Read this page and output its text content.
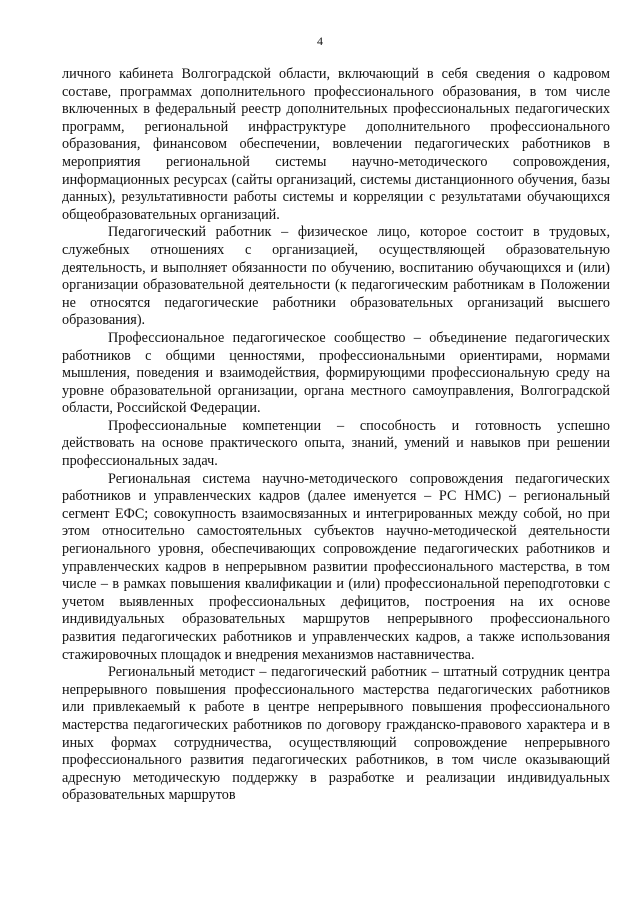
4

личного кабинета Волгоградской области, включающий в себя сведения о кадровом составе, программах дополнительного профессионального образования, в том числе включенных в федеральный реестр дополнительных профессиональных педагогических программ, региональной инфраструктуре дополнительного профессионального образования, финансовом обеспечении, вовлечении педагогических работников в мероприятия региональной системы научно-методического сопровождения, информационных ресурсах (сайты организаций, системы дистанционного обучения, базы данных), результативности работы системы и корреляции с результатами обучающихся общеобразовательных организаций.

Педагогический работник – физическое лицо, которое состоит в трудовых, служебных отношениях с организацией, осуществляющей образовательную деятельность, и выполняет обязанности по обучению, воспитанию обучающихся и (или) организации образовательной деятельности (к педагогическим работникам в Положении не относятся педагогические работники образовательных организаций высшего образования).

Профессиональное педагогическое сообщество – объединение педагогических работников с общими ценностями, профессиональными ориентирами, нормами мышления, поведения и взаимодействия, формирующими профессиональную среду на уровне образовательной организации, органа местного самоуправления, Волгоградской области, Российской Федерации.

Профессиональные компетенции – способность и готовность успешно действовать на основе практического опыта, знаний, умений и навыков при решении профессиональных задач.

Региональная система научно-методического сопровождения педагогических работников и управленческих кадров (далее именуется – РС НМС) – региональный сегмент ЕФС; совокупность взаимосвязанных и интегрированных между собой, но при этом относительно самостоятельных субъектов научно-методической деятельности регионального уровня, обеспечивающих сопровождение педагогических работников и управленческих кадров в непрерывном развитии профессионального мастерства, в том числе – в рамках повышения квалификации и (или) профессиональной переподготовки с учетом выявленных профессиональных дефицитов, построения на их основе индивидуальных образовательных маршрутов непрерывного профессионального развития педагогических работников и управленческих кадров, а также использования стажировочных площадок и внедрения механизмов наставничества.

Региональный методист – педагогический работник – штатный сотрудник центра непрерывного повышения профессионального мастерства педагогических работников или привлекаемый к работе в центре непрерывного повышения профессионального мастерства педагогических работников по договору гражданско-правового характера и в иных формах сотрудничества, осуществляющий сопровождение непрерывного профессионального развития педагогических работников, в том числе оказывающий адресную методическую поддержку в разработке и реализации индивидуальных образовательных маршрутов
